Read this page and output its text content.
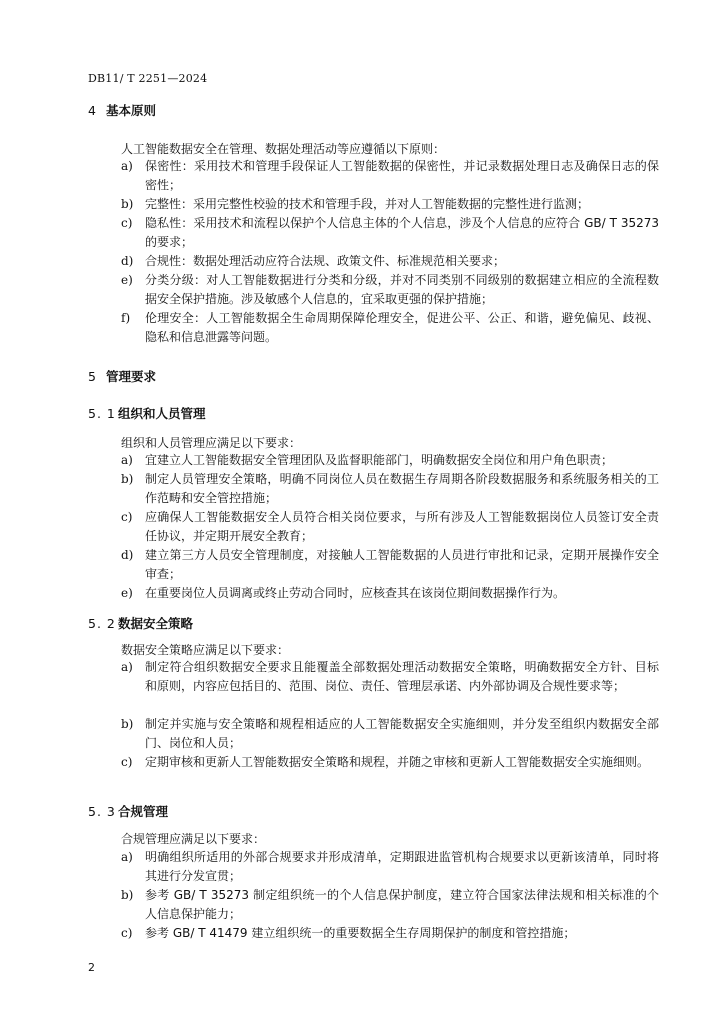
DB11/ T 2251—2024
4 基本原则
人工智能数据安全在管理、数据处理活动等应遵循以下原则：
a) 保密性：采用技术和管理手段保证人工智能数据的保密性，并记录数据处理日志及确保日志的保密性；
b) 完整性：采用完整性校验的技术和管理手段，并对人工智能数据的完整性进行监测；
c) 隐私性：采用技术和流程以保护个人信息主体的个人信息，涉及个人信息的应符合 GB/ T 35273 的要求；
d) 合规性：数据处理活动应符合法规、政策文件、标准规范相关要求；
e) 分类分级：对人工智能数据进行分类和分级，并对不同类别不同级别的数据建立相应的全流程数据安全保护措施。涉及敏感个人信息的，宜采取更强的保护措施；
f) 伦理安全：人工智能数据全生命周期保障伦理安全，促进公平、公正、和谐，避免偏见、歧视、隐私和信息泄露等问题。
5 管理要求
5. 1 组织和人员管理
组织和人员管理应满足以下要求：
a) 宜建立人工智能数据安全管理团队及监督职能部门，明确数据安全岗位和用户角色职责；
b) 制定人员管理安全策略，明确不同岗位人员在数据生存周期各阶段数据服务和系统服务相关的工作范畴和安全管控措施；
c) 应确保人工智能数据安全人员符合相关岗位要求，与所有涉及人工智能数据岗位人员签订安全责任协议，并定期开展安全教育；
d) 建立第三方人员安全管理制度，对接触人工智能数据的人员进行审批和记录，定期开展操作安全审查；
e) 在重要岗位人员调离或终止劳动合同时，应核查其在该岗位期间数据操作行为。
5. 2 数据安全策略
数据安全策略应满足以下要求：
a) 制定符合组织数据安全要求且能覆盖全部数据处理活动数据安全策略，明确数据安全方针、目标和原则，内容应包括目的、范围、岗位、责任、管理层承诺、内外部协调及合规性要求等；
b) 制定并实施与安全策略和规程相适应的人工智能数据安全实施细则，并分发至组织内数据安全部门、岗位和人员；
c) 定期审核和更新人工智能数据安全策略和规程，并随之审核和更新人工智能数据安全实施细则。
5. 3 合规管理
合规管理应满足以下要求：
a) 明确组织所适用的外部合规要求并形成清单，定期跟进监管机构合规要求以更新该清单，同时将其进行分发宣贯；
b) 参考 GB/ T 35273 制定组织统一的个人信息保护制度，建立符合国家法律法规和相关标准的个人信息保护能力；
c) 参考 GB/ T 41479 建立组织统一的重要数据全生存周期保护的制度和管控措施；
2
